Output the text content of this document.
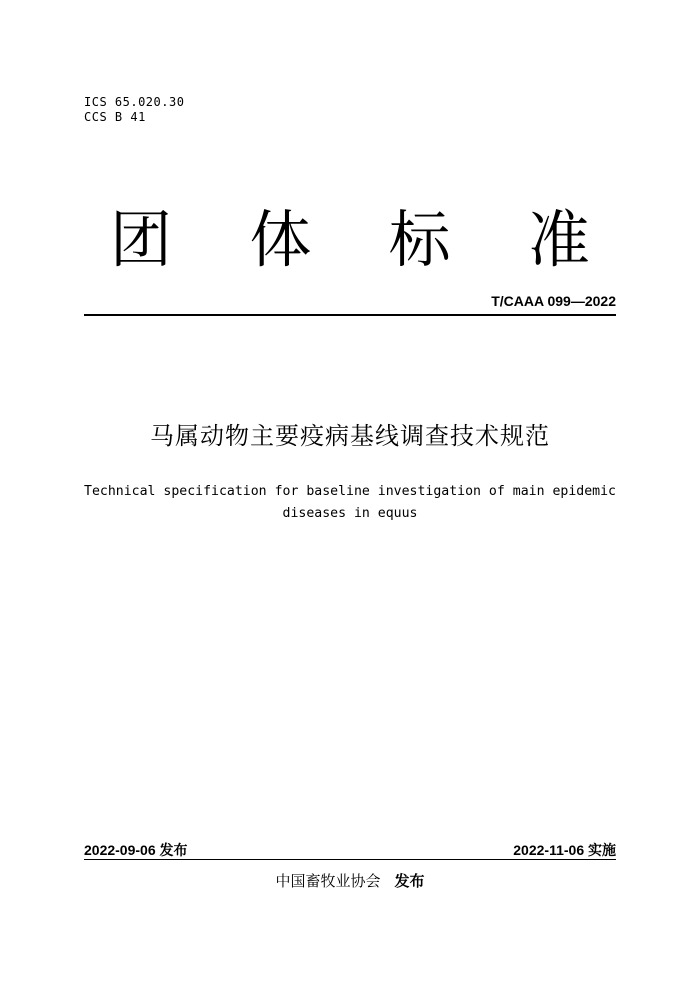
ICS 65.020.30
CCS B 41
团 体 标 准
T/CAAA 099—2022
马属动物主要疫病基线调查技术规范
Technical specification for baseline investigation of main epidemic diseases in equus
2022-09-06 发布	2022-11-06 实施
中国畜牧业协会 发布
